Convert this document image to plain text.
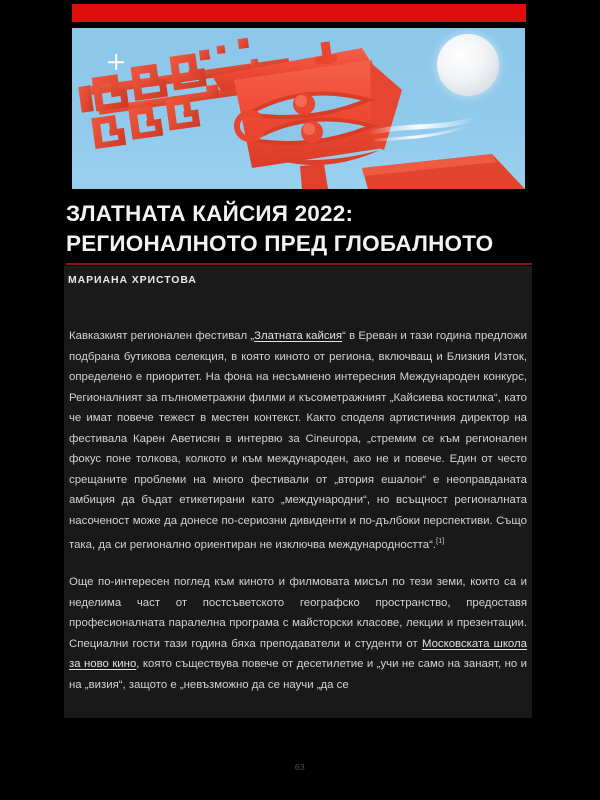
ЗЛАТНАТА КАЙСИЯ 2022:
РЕГИОНАЛНОТО ПРЕД ГЛОБАЛНОТО
МАРИАНА ХРИСТОВА

Кавказкият регионален фестивал „Златната кайсия“ в Ереван и тази година предложи подбрана бутикова селекция, в която киното от региона, включващ и Близкия Изток, определено е приоритет. На фона на несъмнено интересния Международен конкурс, Регионалният за пълнометражни филми и късометражният „Кайсиева костилка“, като че имат повече тежест в местен контекст. Както споделя артистичния директор на фестивала Карен Аветисян в интервю за Cineuropa, „стремим се към регионален фокус поне толкова, колкото и към международен, ако не и повече. Един от често срещаните проблеми на много фестивали от „втория ешалон“ е неоправданата амбиция да бъдат етикетирани като „международни“, но всъщност регионалната насоченост може да донесе по-сериозни дивиденти и по-дълбоки перспективи. Също така, да си регионално ориентиран не изключва международността“.[1]

Още по-интересен поглед към киното и филмовата мисъл по тези земи, които са и неделима част от постсъветското географско пространство, предоставя професионалната паралелна програма с майсторски класове, лекции и презентации. Специални гости тази година бяха преподаватели и студенти от Московската школа за ново кино, която съществува повече от десетилетие и „учи не само на занаят, но и на „визия“, защото е „невъзможно да се научи „да се

63
